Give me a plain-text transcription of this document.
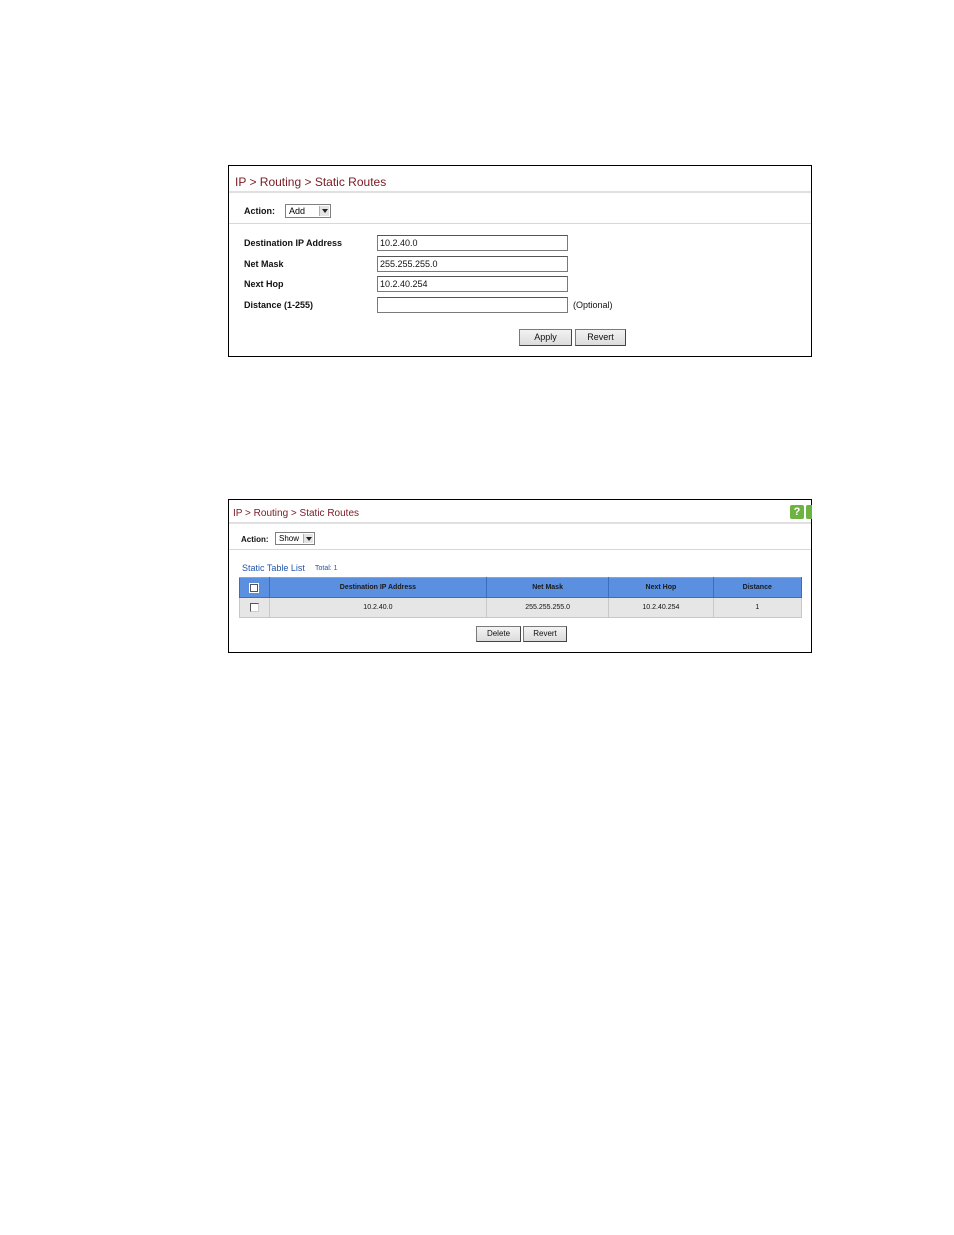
IP > Routing > Static Routes
Action:	Add
Destination IP Address	10.2.40.0
Net Mask	255.255.255.0
Next Hop	10.2.40.254
Distance (1-255)	(Optional)
Apply	Revert
IP > Routing > Static Routes	?
Action:	Show
Static Table List Total: 1
	Destination IP Address	Net Mask	Next Hop	Distance
	10.2.40.0	255.255.255.0	10.2.40.254	1
Delete	Revert
